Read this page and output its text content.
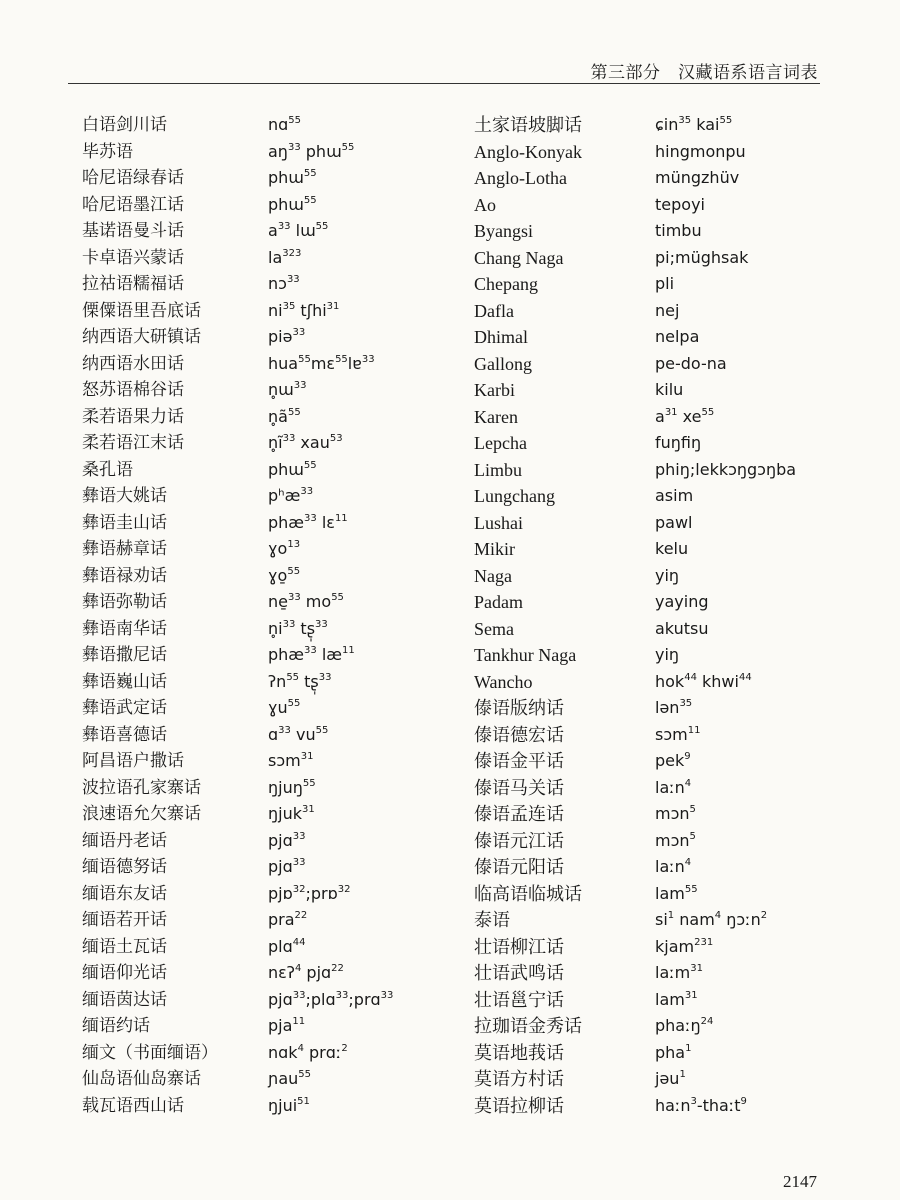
第三部分　汉藏语系语言词表
白语剑川话
毕苏语
哈尼语绿春话
哈尼语墨江话
基诺语曼斗话
卡卓语兴蒙话
拉祜语糯福话
傈僳语里吾底话
纳西语大研镇话
纳西语水田话
怒苏语棉谷话
柔若语果力话
柔若语江末话
桑孔语
彝语大姚话
彝语圭山话
彝语赫章话
彝语禄劝话
彝语弥勒话
彝语南华话
彝语撒尼话
彝语巍山话
彝语武定话
彝语喜德话
阿昌语户撒话
波拉语孔家寨话
浪速语允欠寨话
缅语丹老话
缅语德努话
缅语东友话
缅语若开话
缅语土瓦话
缅语仰光话
缅语茵达话
缅语约话
缅文（书面缅语）
仙岛语仙岛寨话
载瓦语西山话
nɑ$^{55}$
$aŋ^{33}$ phɯ$^{55}$
phɯ$^{55}$
phɯ$^{55}$
$a^{33}$ lɯ$^{55}$
$la^{323}$
nɔ$^{33}$
$ni^{35}$ tʃhi$^{31}$
piə$^{33}$
hua$^{55}$mɛ$^{55}$lɐ$^{33}$
n̥ɯ$^{33}$
$n̥ã^{55}$
$n̥ĩ^{33}$ xau$^{53}$
phɯ$^{55}$
pʰæ$^{33}$
phæ$^{33}$ lɛ$^{11}$
ɣo$^{13}$
ɣo̱$^{55}$
ne̱$^{33}$ $mo^{55}$
$n̥i^{33}$ tʂ̩$^{33}$
phæ$^{33}$ $læ^{11}$
ʔn$^{55}$ tʂ̩$^{33}$
ɣu$^{55}$
ɑ$^{33}$ $vu^{55}$
sɔm$^{31}$
ŋjuŋ$^{55}$
ŋjuk$^{31}$
pjɑ$^{33}$
pjɑ$^{33}$
pjɒ$^{32}$;prɒ$^{32}$
pra$^{22}$
plɑ$^{44}$
nɛʔ$^4$ pjɑ$^{22}$
pjɑ$^{33}$;plɑ$^{33}$;prɑ$^{33}$
pja$^{11}$
nɑk$^4$ prɑː$^2$
ɲau$^{55}$
ŋjui$^{51}$
土家语坡脚话
Anglo-Konyak
Anglo-Lotha
Ao
Byangsi
Chang Naga
Chepang
Dafla
Dhimal
Gallong
Karbi
Karen
Lepcha
Limbu
Lungchang
Lushai
Mikir
Naga
Padam
Sema
Tankhur Naga
Wancho
傣语版纳话
傣语德宏话
傣语金平话
傣语马关话
傣语孟连话
傣语元江话
傣语元阳话
临高语临城话
泰语
壮语柳江话
壮语武鸣话
壮语邕宁话
拉珈语金秀话
莫语地莪话
莫语方村话
莫语拉柳话
ɕin$^{35}$ kai$^{55}$
hingmonpu
müngzhüv
tepoyi
timbu
pi;müghsak
pli
nej
nelpa
pe-do-na
kilu
$a^{31}$ $xe^{55}$
fuŋfiŋ
phiŋ;lekkɔŋgɔŋba
asim
pawl
kelu
yiŋ
yaying
akutsu
yiŋ
hok$^{44}$ khwi$^{44}$
lən$^{35}$
sɔm$^{11}$
pek$^9$
laːn$^4$
mɔn$^5$
mɔn$^5$
laːn$^4$
lam$^{55}$
$si^1$ nam$^4$ ŋɔːn$^2$
kjam$^{231}$
laːm$^{31}$
lam$^{31}$
phaːŋ$^{24}$
pha$^1$
jəu$^1$
haːn$^3$-thaːt$^9$
2147
